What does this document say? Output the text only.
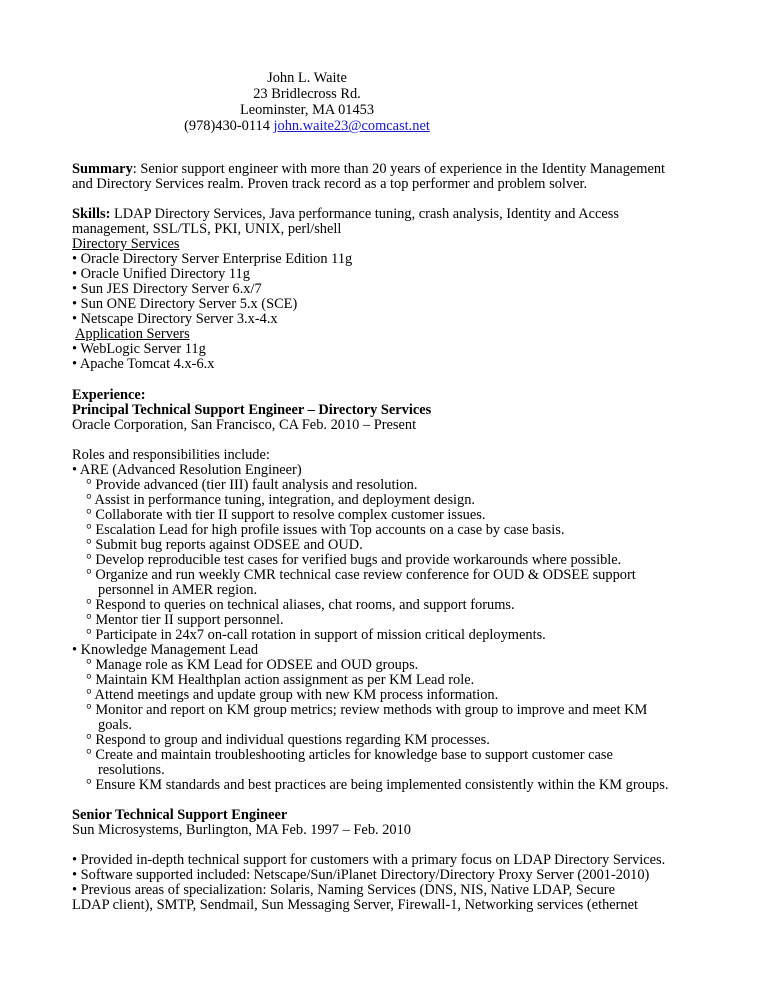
John L. Waite
23 Bridlecross Rd.
Leominster, MA 01453
(978)430-0114 john.waite23@comcast.net
Summary: Senior support engineer with more than 20 years of experience in the Identity Management
and Directory Services realm. Proven track record as a top performer and problem solver.
Skills: LDAP Directory Services, Java performance tuning, crash analysis, Identity and Access
management, SSL/TLS, PKI, UNIX, perl/shell
Directory Services
• Oracle Directory Server Enterprise Edition 11g
• Oracle Unified Directory 11g
• Sun JES Directory Server 6.x/7
• Sun ONE Directory Server 5.x (SCE)
• Netscape Directory Server 3.x-4.x
Application Servers
• WebLogic Server 11g
• Apache Tomcat 4.x-6.x
Experience:
Principal Technical Support Engineer – Directory Services
Oracle Corporation, San Francisco, CA Feb. 2010 – Present
Roles and responsibilities include:
• ARE (Advanced Resolution Engineer)
° Provide advanced (tier III) fault analysis and resolution.
° Assist in performance tuning, integration, and deployment design.
° Collaborate with tier II support to resolve complex customer issues.
° Escalation Lead for high profile issues with Top accounts on a case by case basis.
° Submit bug reports against ODSEE and OUD.
° Develop reproducible test cases for verified bugs and provide workarounds where possible.
° Organize and run weekly CMR technical case review conference for OUD & ODSEE support
personnel in AMER region.
° Respond to queries on technical aliases, chat rooms, and support forums.
° Mentor tier II support personnel.
° Participate in 24x7 on-call rotation in support of mission critical deployments.
• Knowledge Management Lead
° Manage role as KM Lead for ODSEE and OUD groups.
° Maintain KM Healthplan action assignment as per KM Lead role.
° Attend meetings and update group with new KM process information.
° Monitor and report on KM group metrics; review methods with group to improve and meet KM
goals.
° Respond to group and individual questions regarding KM processes.
° Create and maintain troubleshooting articles for knowledge base to support customer case
resolutions.
° Ensure KM standards and best practices are being implemented consistently within the KM groups.
Senior Technical Support Engineer
Sun Microsystems, Burlington, MA Feb. 1997 – Feb. 2010
• Provided in-depth technical support for customers with a primary focus on LDAP Directory Services.
• Software supported included: Netscape/Sun/iPlanet Directory/Directory Proxy Server (2001-2010)
• Previous areas of specialization: Solaris, Naming Services (DNS, NIS, Native LDAP, Secure
LDAP client), SMTP, Sendmail, Sun Messaging Server, Firewall-1, Networking services (ethernet
